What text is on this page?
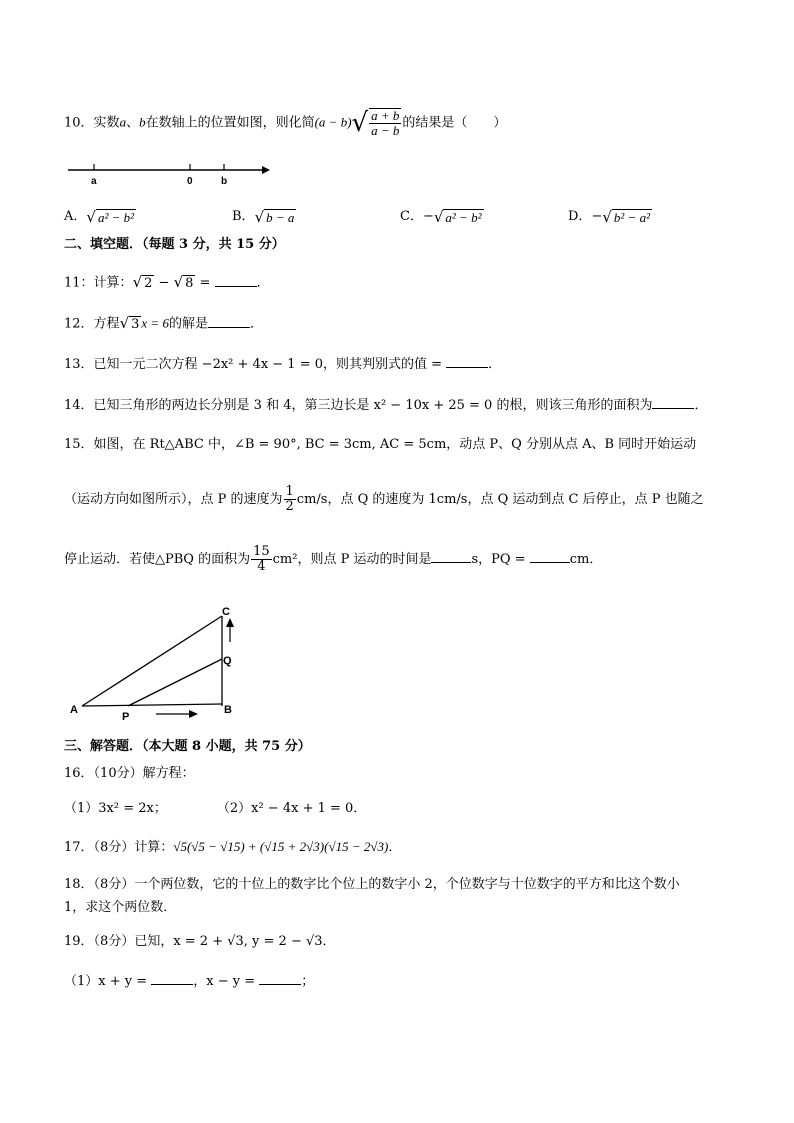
10．实数a、b在数轴上的位置如图，则化简$(a - b)√ \frac{a + b}{a - b}$ 的结果是（　　）
a	0	b
A．√ a² − b²	B．√ b − a	C．−√ a² − b²	D．−√ b² − a²
二、填空题．（每题 3 分，共 15 分）
11：计算：√ 2 − √ 8 =	．
12．方程√ 3 x = 6的解是	．
13．已知一元二次方程 −2x² + 4x − 1 = 0，则其判别式的值 =	．
14．已知三角形的两边长分别是 3 和 4，第三边长是 x² − 10x + 25 = 0 的根，则该三角形的面积为	．
15．如图，在 Rt△ABC 中，∠B = 90°, BC = 3cm, AC = 5cm，动点 P、Q 分别从点 A、B 同时开始运动
（运动方向如图所示），点 P 的速度为 $\frac{1}{2} cm/s$，点 Q 的速度为 1cm/s，点 Q 运动到点 C 后停止，点 P 也随之
停止运动．若使△PBQ 的面积为 $\frac{15}{4} cm^2$，则点 P 运动的时间是	s，PQ =	cm．
A	B
C
P
Q
三、解答题．（本大题 8 小题，共 75 分）
16．（10分）解方程：
（1）3x² = 2x；	（2）x² − 4x + 1 = 0．
17．（8分）计算：√5(√5 − √15) + (√15 + 2√3)(√15 − 2√3)．
18．（8分）一个两位数，它的十位上的数字比个位上的数字小 2，个位数字与十位数字的平方和比这个数小
1，求这个两位数．
19．（8分）已知，x = 2 + √3, y = 2 − √3．
（1）x + y =	，x − y =	；
